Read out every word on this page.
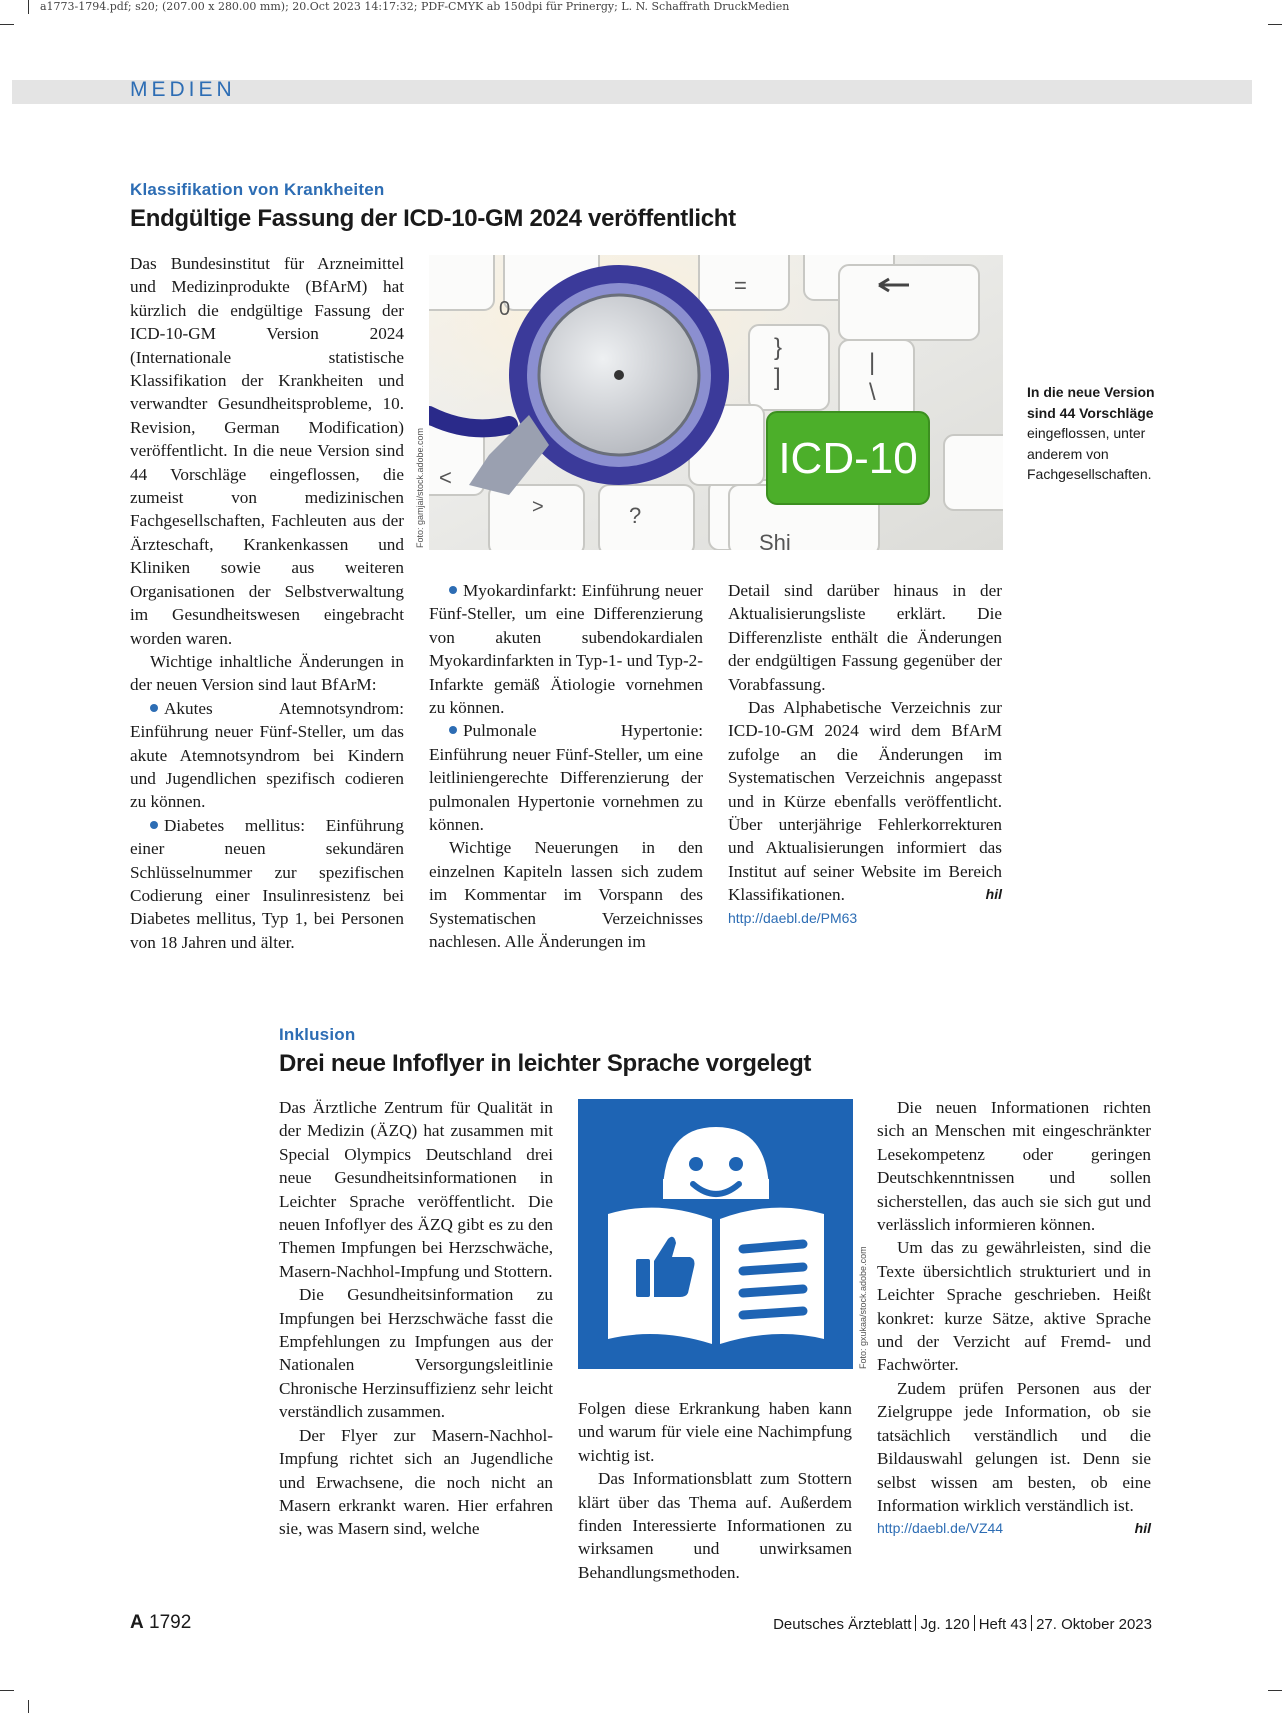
a1773-1794.pdf; s20; (207.00 x 280.00 mm); 20.Oct 2023 14:17:32; PDF-CMYK ab 150dpi für Prinergy; L. N. Schaffrath DruckMedien
MEDIEN
Klassifikation von Krankheiten
Endgültige Fassung der ICD-10-GM 2024 veröffentlicht

Das Bundesinstitut für Arzneimittel und Medizinprodukte (BfArM) hat kürzlich die endgültige Fassung der ICD-10-GM Version 2024 (Internationale statistische Klassifikation der Krankheiten und verwandter Gesundheitsprobleme, 10. Revision, German Modification) veröffentlicht. In die neue Version sind 44 Vorschläge eingeflossen, die zumeist von medizinischen Fachgesellschaften, Fachleuten aus der Ärzteschaft, Krankenkassen und Kliniken sowie aus weiteren Organisationen der Selbstverwaltung im Gesundheitswesen eingebracht worden waren.

Wichtige inhaltliche Änderungen in der neuen Version sind laut BfArM:

Akutes Atemnotsyndrom: Einführung neuer Fünf-Steller, um das akute Atemnotsyndrom bei Kindern und Jugendlichen spezifisch codieren zu können.

Diabetes mellitus: Einführung einer neuen sekundären Schlüsselnummer zur spezifischen Codierung einer Insulinresistenz bei Diabetes mellitus, Typ 1, bei Personen von 18 Jahren und älter.

0
=
}
]
|
\
<
>	?
Shi
ICD-10
Foto: gamjai/stock.adobe.com
In die neue Version sind 44 Vorschläge eingeflossen, unter anderem von Fachgesellschaften.

Myokardinfarkt: Einführung neuer Fünf-Steller, um eine Differenzierung von akuten subendokardialen Myokardinfarkten in Typ-1- und Typ-2-Infarkte gemäß Ätiologie vornehmen zu können.

Pulmonale Hypertonie: Einführung neuer Fünf-Steller, um eine leitliniengerechte Differenzierung der pulmonalen Hypertonie vornehmen zu können.

Wichtige Neuerungen in den einzelnen Kapiteln lassen sich zudem im Kommentar im Vorspann des Systematischen Verzeichnisses nachlesen. Alle Änderungen im

Detail sind darüber hinaus in der Aktualisierungsliste erklärt. Die Differenzliste enthält die Änderungen der endgültigen Fassung gegenüber der Vorabfassung.

Das Alphabetische Verzeichnis zur ICD-10-GM 2024 wird dem BfArM zufolge an die Änderungen im Systematischen Verzeichnis angepasst und in Kürze ebenfalls veröffentlicht. Über unterjährige Fehlerkorrekturen und Aktualisierungen informiert das Institut auf seiner Website im Bereich Klassifikationen.	hil

http://daebl.de/PM63
Inklusion
Drei neue Infoflyer in leichter Sprache vorgelegt

Das Ärztliche Zentrum für Qualität in der Medizin (ÄZQ) hat zusammen mit Special Olympics Deutschland drei neue Gesundheitsinformationen in Leichter Sprache veröffentlicht. Die neuen Infoflyer des ÄZQ gibt es zu den Themen Impfungen bei Herzschwäche, Masern-Nachhol-Impfung und Stottern.

Die Gesundheitsinformation zu Impfungen bei Herzschwäche fasst die Empfehlungen zu Impfungen aus der Nationalen Versorgungsleitlinie Chronische Herzinsuffizienz sehr leicht verständlich zusammen.

Der Flyer zur Masern-Nachhol-Impfung richtet sich an Jugendliche und Erwachsene, die noch nicht an Masern erkrankt waren. Hier erfahren sie, was Masern sind, welche

Foto: gxukaa/stock.adobe.com

Folgen diese Erkrankung haben kann und warum für viele eine Nachimpfung wichtig ist.

Das Informationsblatt zum Stottern klärt über das Thema auf. Außerdem finden Interessierte Informationen zu wirksamen und unwirksamen Behandlungsmethoden.

Die neuen Informationen richten sich an Menschen mit eingeschränkter Lesekompetenz oder geringen Deutschkenntnissen und sollen sicherstellen, das auch sie sich gut und verlässlich informieren können.

Um das zu gewährleisten, sind die Texte übersichtlich strukturiert und in Leichter Sprache geschrieben. Heißt konkret: kurze Sätze, aktive Sprache und der Verzicht auf Fremd- und Fachwörter.

Zudem prüfen Personen aus der Zielgruppe jede Information, ob sie tatsächlich verständlich und die Bildauswahl gelungen ist. Denn sie selbst wissen am besten, ob eine Information wirklich verständlich ist.
hil

http://daebl.de/VZ44
A 1792	Deutsches Ärzteblatt Jg. 120 Heft 43 27. Oktober 2023
